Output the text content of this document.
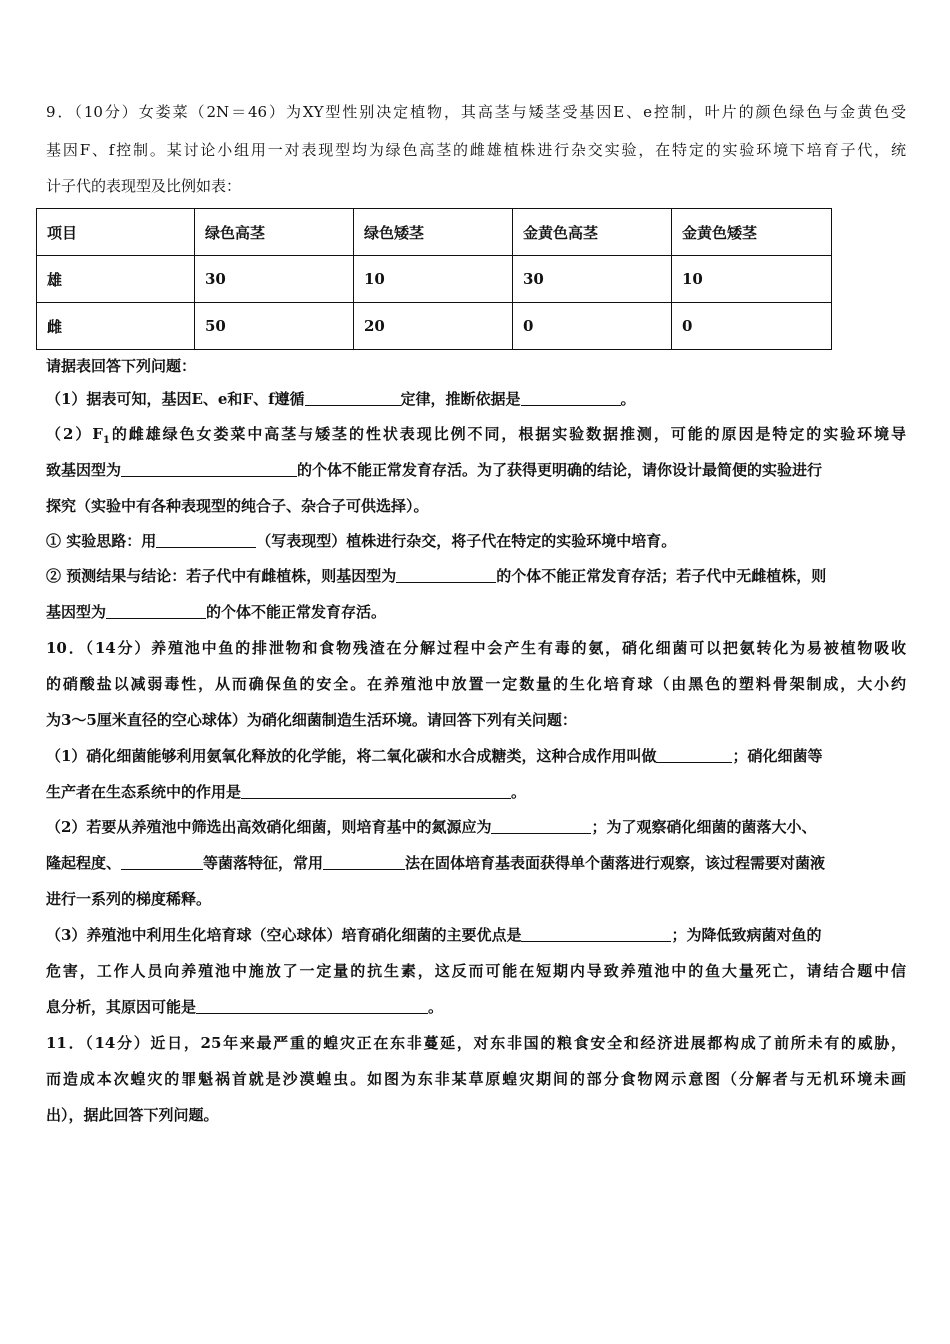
9．（10分）女娄菜（2N＝46）为XY型性别决定植物，其高茎与矮茎受基因E、e控制，叶片的颜色绿色与金黄色受
基因F、f控制。某讨论小组用一对表现型均为绿色高茎的雌雄植株进行杂交实验，在特定的实验环境下培育子代，统
计子代的表现型及比例如表：
项目	绿色高茎	绿色矮茎	金黄色高茎	金黄色矮茎
雄	30	10	30	10
雌	50	20	0	0
请据表回答下列问题：
（1）据表可知，基因E、e和F、f遵循	定律，推断依据是	。
$(2)F_1$的雌雄绿色女娄菜中高茎与矮茎的性状表现比例不同，根据实验数据推测，可能的原因是特定的实验环境导
致基因型为	的个体不能正常发育存活。为了获得更明确的结论，请你设计最简便的实验进行
探究（实验中有各种表现型的纯合子、杂合子可供选择）。
① 实验思路：用	（写表现型）植株进行杂交，将子代在特定的实验环境中培育。
② 预测结果与结论：若子代中有雌植株，则基因型为	的个体不能正常发育存活；若子代中无雌植株，则
基因型为	的个体不能正常发育存活。
10．（14分）养殖池中鱼的排泄物和食物残渣在分解过程中会产生有毒的氨，硝化细菌可以把氨转化为易被植物吸收
的硝酸盐以减弱毒性，从而确保鱼的安全。在养殖池中放置一定数量的生化培育球（由黑色的塑料骨架制成，大小约
为3～5厘米直径的空心球体）为硝化细菌制造生活环境。请回答下列有关问题：
（1）硝化细菌能够利用氨氧化释放的化学能，将二氧化碳和水合成糖类，这种合成作用叫做	；硝化细菌等
生产者在生态系统中的作用是	。
（2）若要从养殖池中筛选出高效硝化细菌，则培育基中的氮源应为	；为了观察硝化细菌的菌落大小、
隆起程度、	等菌落特征，常用	法在固体培育基表面获得单个菌落进行观察，该过程需要对菌液
进行一系列的梯度稀释。
（3）养殖池中利用生化培育球（空心球体）培育硝化细菌的主要优点是	；为降低致病菌对鱼的
危害，工作人员向养殖池中施放了一定量的抗生素，这反而可能在短期内导致养殖池中的鱼大量死亡，请结合题中信
息分析，其原因可能是	。
11．（14分）近日，25年来最严重的蝗灾正在东非蔓延，对东非国的粮食安全和经济进展都构成了前所未有的威胁，
而造成本次蝗灾的罪魁祸首就是沙漠蝗虫。如图为东非某草原蝗灾期间的部分食物网示意图（分解者与无机环境未画
出），据此回答下列问题。
